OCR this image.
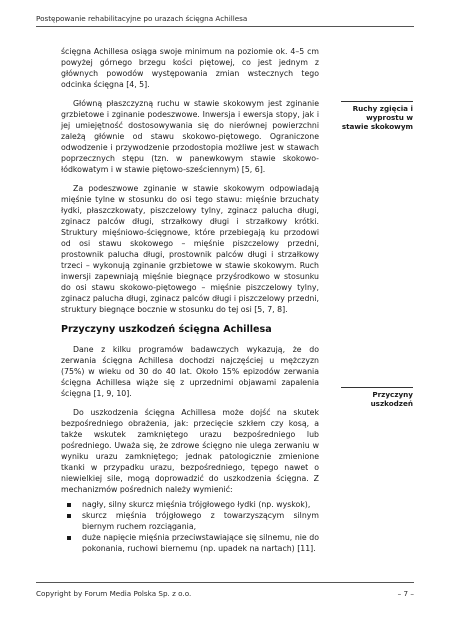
Postępowanie rehabilitacyjne po urazach ścięgna Achillesa

ścięgna Achillesa osiąga swoje minimum na poziomie ok. 4–5 cm powyżej górnego brzegu kości piętowej, co jest jednym z głównych powodów występowania zmian wstecznych tego odcinka ścięgna [4, 5].

Główną płaszczyzną ruchu w stawie skokowym jest zginanie grzbietowe i zginanie podeszwowe. Inwersja i ewersja stopy, jak i jej umiejętność dostosowywania się do nierównej powierzchni zależą głównie od stawu skokowo-piętowego. Ograniczone odwodzenie i przywodzenie przodostopia możliwe jest w stawach poprzecznych stępu (tzn. w panewkowym stawie skokowo-łódkowatym i w stawie piętowo-sześciennym) [5, 6].

Za podeszwowe zginanie w stawie skokowym odpowiadają mięśnie tylne w stosunku do osi tego stawu: mięśnie brzuchaty łydki, płaszczkowaty, piszczelowy tylny, zginacz palucha długi, zginacz palców długi, strzałkowy długi i strzałkowy krótki. Struktury mięśniowo-ścięgnowe, które przebiegają ku przodowi od osi stawu skokowego – mięśnie piszczelowy przedni, prostownik palucha długi, prostownik palców długi i strzałkowy trzeci – wykonują zginanie grzbietowe w stawie skokowym. Ruch inwersji zapewniają mięśnie biegnące przyśrodkowo w stosunku do osi stawu skokowo-piętowego – mięśnie piszczelowy tylny, zginacz palucha długi, zginacz palców długi i piszczelowy przedni, struktury biegnące bocznie w stosunku do tej osi [5, 7, 8].

Przyczyny uszkodzeń ścięgna Achillesa

Dane z kilku programów badawczych wykazują, że do zerwania ścięgna Achillesa dochodzi najczęściej u mężczyzn (75%) w wieku od 30 do 40 lat. Około 15% epizodów zerwania ścięgna Achillesa wiąże się z uprzednimi objawami zapalenia ścięgna [1, 9, 10].

Do uszkodzenia ścięgna Achillesa może dojść na skutek bezpośredniego obrażenia, jak: przecięcie szkłem czy kosą, a także wskutek zamkniętego urazu bezpośredniego lub pośredniego. Uważa się, że zdrowe ścięgno nie ulega zerwaniu w wyniku urazu zamkniętego; jednak patologicznie zmienione tkanki w przypadku urazu, bezpośredniego, tępego nawet o niewielkiej sile, mogą doprowadzić do uszkodzenia ścięgna. Z mechanizmów pośrednich należy wymienić:

nagły, silny skurcz mięśnia trójgłowego łydki (np. wyskok),
skurcz mięśnia trójgłowego z towarzyszącym silnym biernym ruchem rozciągania,
duże napięcie mięśnia przeciwstawiające się silnemu, nie do pokonania, ruchowi biernemu (np. upadek na nartach) [11].
Ruchy zgięcia i wyprostu w stawie skokowym
Przyczyny uszkodzeń
Copyright by Forum Media Polska Sp. z o.o.	– 7 –
